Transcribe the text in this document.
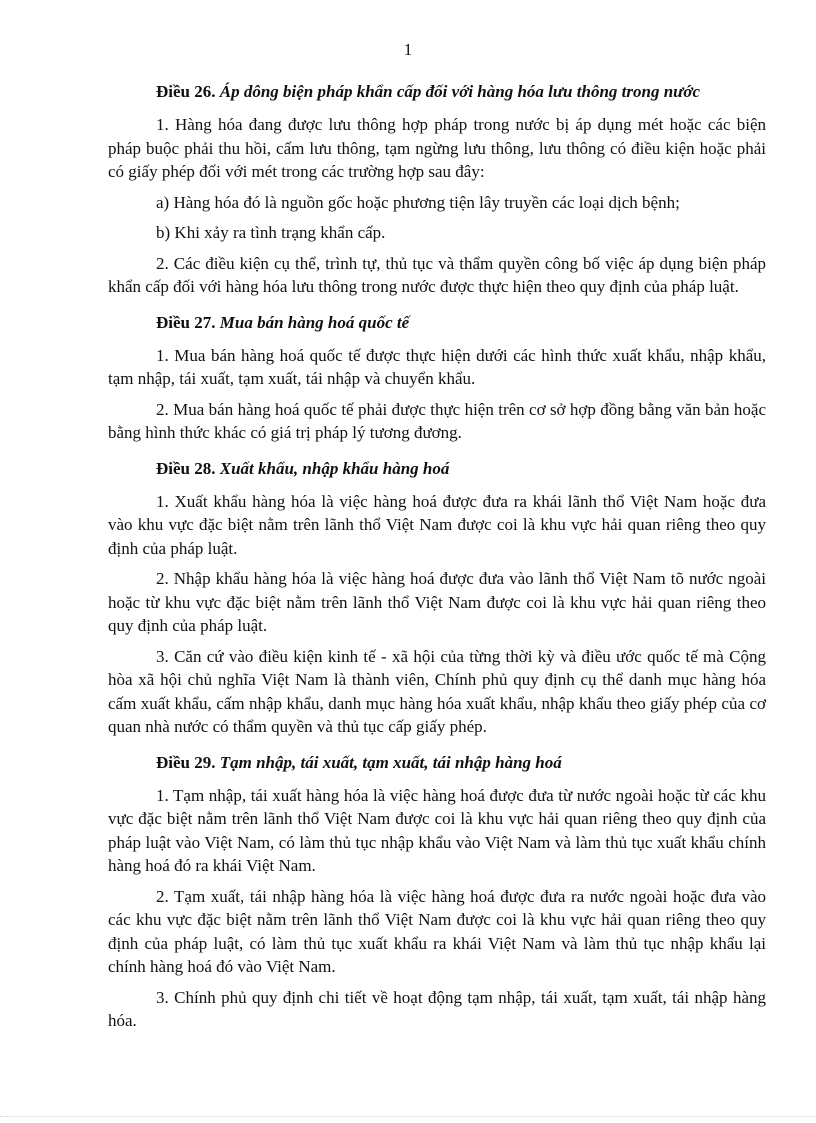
1

Điều 26. Áp dông biện pháp khẩn cấp đối với hàng hóa lưu thông trong nước

1. Hàng hóa đang được lưu thông hợp pháp trong nước bị áp dụng mét hoặc các biện pháp buộc phải thu hồi, cấm lưu thông, tạm ngừng lưu thông, lưu thông có điều kiện hoặc phải có giấy phép đối với mét trong các trường hợp sau đây:

a) Hàng hóa đó là nguồn gốc hoặc phương tiện lây truyền các loại dịch bệnh;

b) Khi xảy ra tình trạng khẩn cấp.

2. Các điều kiện cụ thể, trình tự, thủ tục và thẩm quyền công bố việc áp dụng biện pháp khẩn cấp đối với hàng hóa lưu thông trong nước được thực hiện theo quy định của pháp luật.

Điều 27. Mua bán hàng hoá quốc tế

1. Mua bán hàng hoá quốc tế được thực hiện dưới các hình thức xuất khẩu, nhập khẩu, tạm nhập, tái xuất, tạm xuất, tái nhập và chuyển khẩu.

2. Mua bán hàng hoá quốc tế phải được thực hiện trên cơ sở hợp đồng bằng văn bản hoặc bằng hình thức khác có giá trị pháp lý tương đương.

Điều 28. Xuất khẩu, nhập khẩu hàng hoá

1. Xuất khẩu hàng hóa là việc hàng hoá được đưa ra khái lãnh thổ Việt Nam hoặc đưa vào khu vực đặc biệt nằm trên lãnh thổ Việt Nam được coi là khu vực hải quan riêng theo quy định của pháp luật.

2. Nhập khẩu hàng hóa là việc hàng hoá được đưa vào lãnh thổ Việt Nam tõ nước ngoài hoặc từ khu vực đặc biệt nằm trên lãnh thổ Việt Nam được coi là khu vực hải quan riêng theo quy định của pháp luật.

3. Căn cứ vào điều kiện kinh tế - xã hội của từng thời kỳ và điều ước quốc tế mà Cộng hòa xã hội chủ nghĩa Việt Nam là thành viên, Chính phủ quy định cụ thể danh mục hàng hóa cấm xuất khẩu, cấm nhập khẩu, danh mục hàng hóa xuất khẩu, nhập khẩu theo giấy phép của cơ quan nhà nước có thẩm quyền và thủ tục cấp giấy phép.

Điều 29. Tạm nhập, tái xuất, tạm xuất, tái nhập hàng hoá

1. Tạm nhập, tái xuất hàng hóa là việc hàng hoá được đưa từ nước ngoài hoặc từ các khu vực đặc biệt nằm trên lãnh thổ Việt Nam được coi là khu vực hải quan riêng theo quy định của pháp luật vào Việt Nam, có làm thủ tục nhập khẩu vào Việt Nam và làm thủ tục xuất khẩu chính hàng hoá đó ra khái Việt Nam.

2. Tạm xuất, tái nhập hàng hóa là việc hàng hoá được đưa ra nước ngoài hoặc đưa vào các khu vực đặc biệt nằm trên lãnh thổ Việt Nam được coi là khu vực hải quan riêng theo quy định của pháp luật, có làm thủ tục xuất khẩu ra khái Việt Nam và làm thủ tục nhập khẩu lại chính hàng hoá đó vào Việt Nam.

3. Chính phủ quy định chi tiết về hoạt động tạm nhập, tái xuất, tạm xuất, tái nhập hàng hóa.
